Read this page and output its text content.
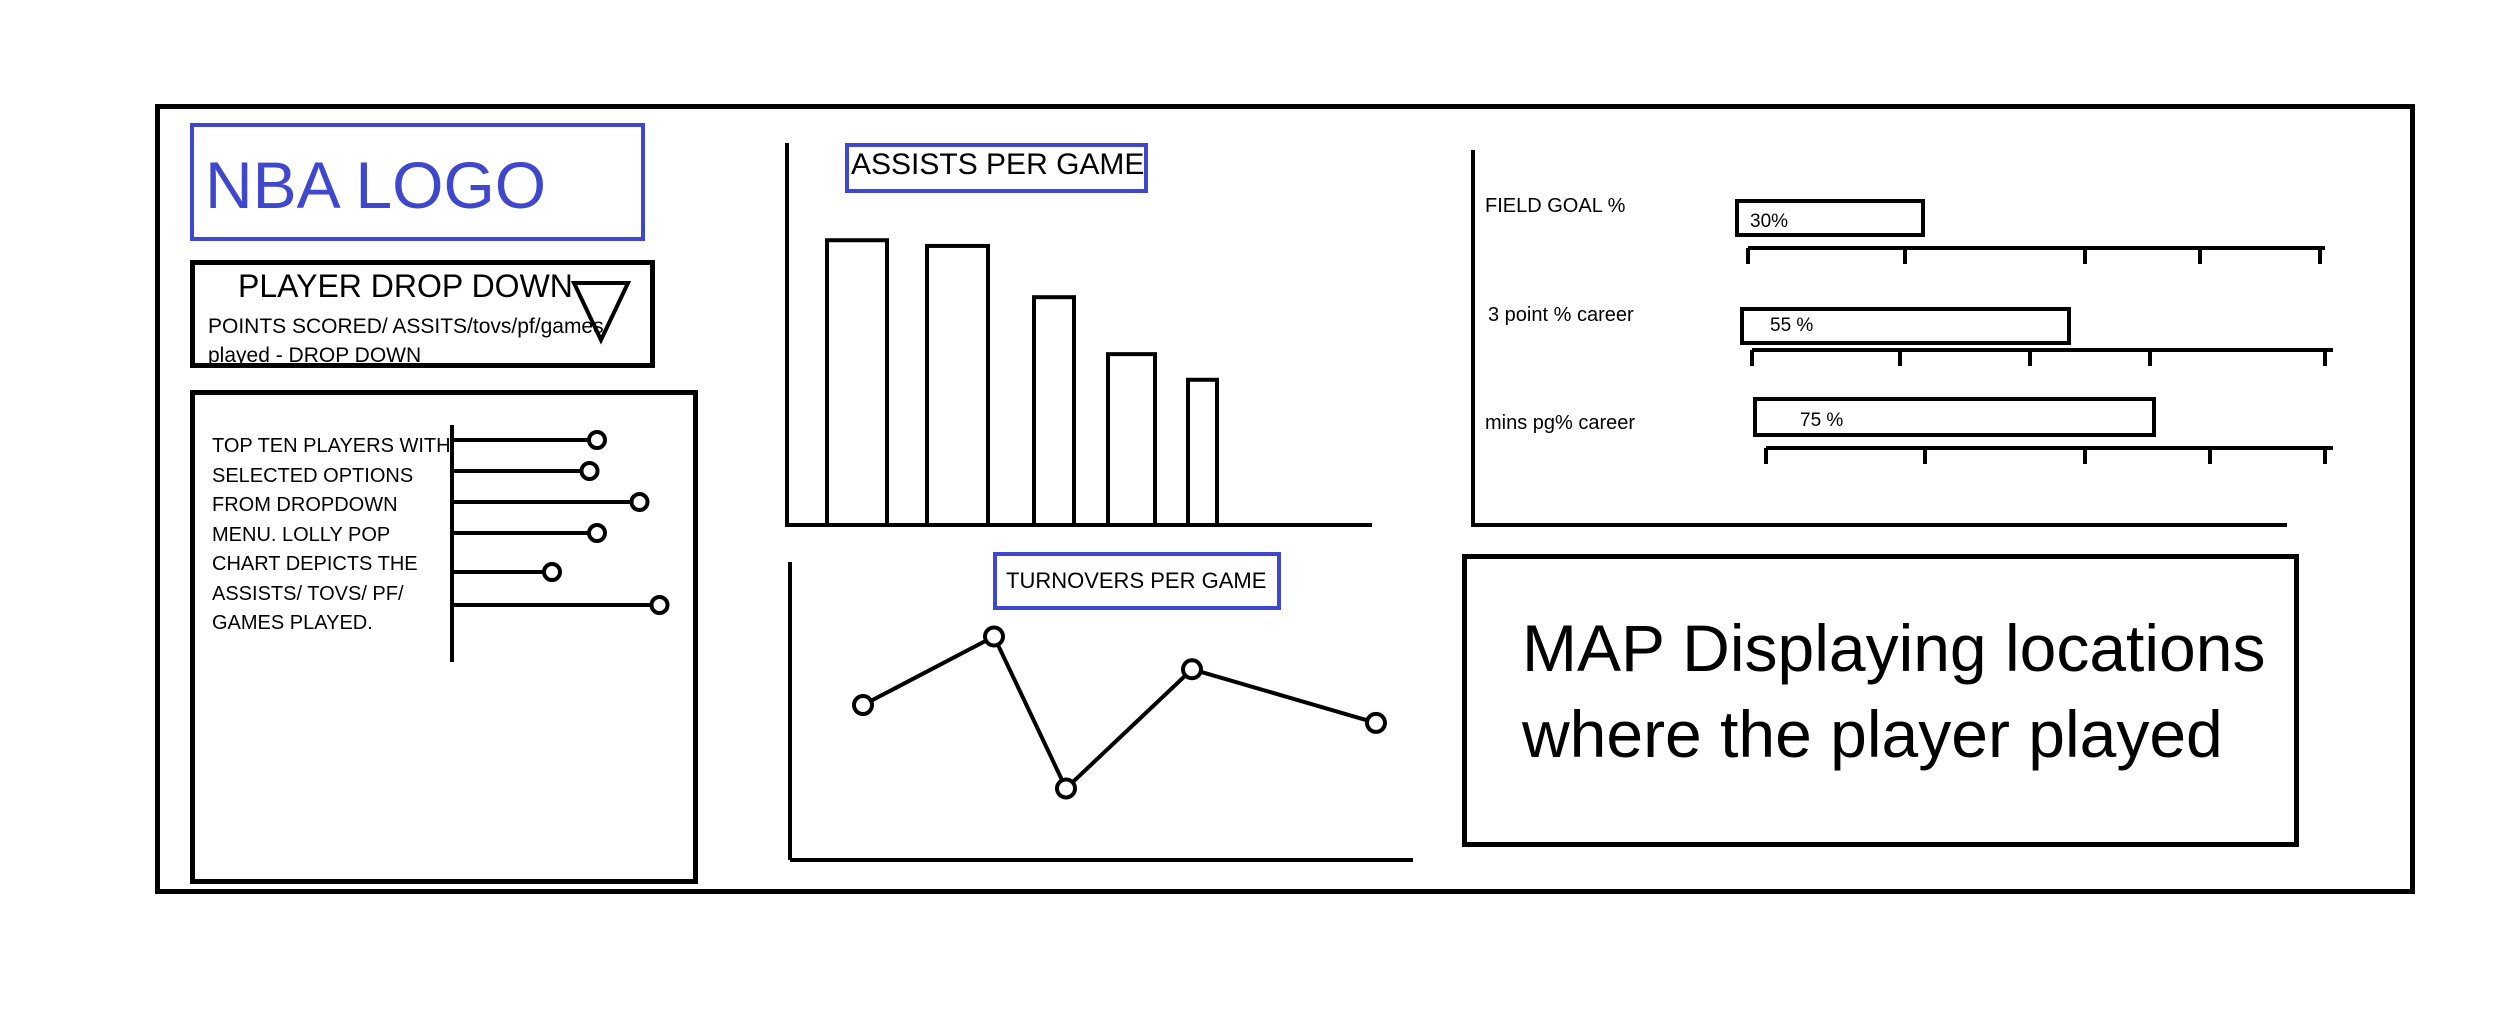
NBA LOGO
PLAYER DROP DOWN
POINTS SCORED/ ASSITS/tovs/pf/games played - DROP DOWN
TOP TEN PLAYERS WITH SELECTED OPTIONS FROM DROPDOWN MENU. LOLLY POP CHART DEPICTS THE ASSISTS/ TOVS/ PF/ GAMES PLAYED.
ASSISTS PER GAME
TURNOVERS PER GAME
FIELD GOAL %
3 point % career
mins pg% career
30%
55 %
75 %
MAP Displaying locations where the player played
